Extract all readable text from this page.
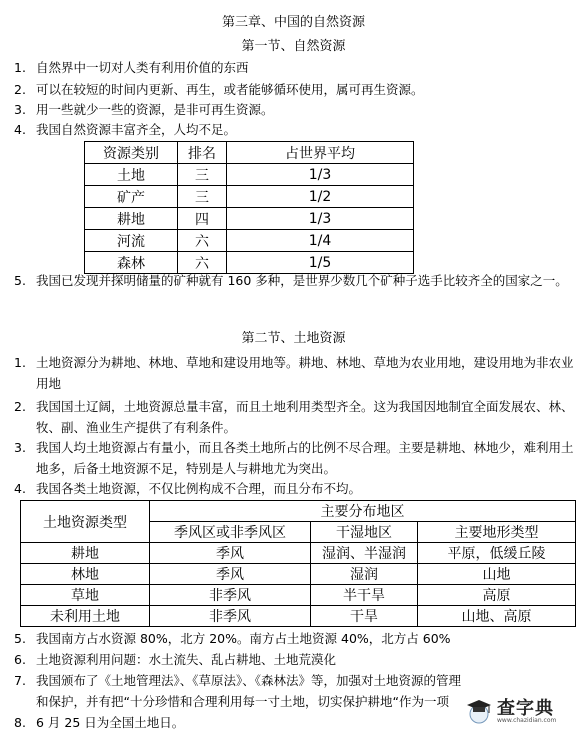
第三章、中国的自然资源
第一节、自然资源
1. 自然界中一切对人类有利用价值的东西
2. 可以在较短的时间内更新、再生，或者能够循环使用，属可再生资源。
3. 用一些就少一些的资源，是非可再生资源。
4. 我国自然资源丰富齐全，人均不足。
资源类别	排名	占世界平均
土地	三	1/3
矿产	三	1/2
耕地	四	1/3
河流	六	1/4
森林	六	1/5
5. 我国已发现并探明储量的矿种就有 160 多种，是世界少数几个矿种子选手比较齐全的国家之一。
第二节、土地资源
1. 土地资源分为耕地、林地、草地和建设用地等。耕地、林地、草地为农业用地，建设用地为非农业用地
2. 我国国土辽阔，土地资源总量丰富，而且土地利用类型齐全。这为我国因地制宜全面发展农、林、牧、副、渔业生产提供了有利条件。
3. 我国人均土地资源占有量小，而且各类土地所占的比例不尽合理。主要是耕地、林地少，难利用土地多，后备土地资源不足，特别是人与耕地尤为突出。
4. 我国各类土地资源，不仅比例构成不合理，而且分布不均。
土地资源类型	主要分布地区		
	季风区或非季风区	干湿地区	主要地形类型
耕地	季风	湿润、半湿润	平原，低缓丘陵
林地	季风	湿润	山地
草地	非季风	半干旱	高原
未利用土地	非季风	干旱	山地、高原
5. 我国南方占水资源 80%，北方 20%。南方占土地资源 40%，北方占 60%
6. 土地资源利用问题：水土流失、乱占耕地、土地荒漠化
7. 我国颁布了《土地管理法》、《草原法》、《森林法》等，加强对土地资源的管理和保护，并有把“十分珍惜和合理利用每一寸土地，切实保护耕地“作为一项
8. 6 月 25 日为全国土地日。
查字典
www.chazidian.com
